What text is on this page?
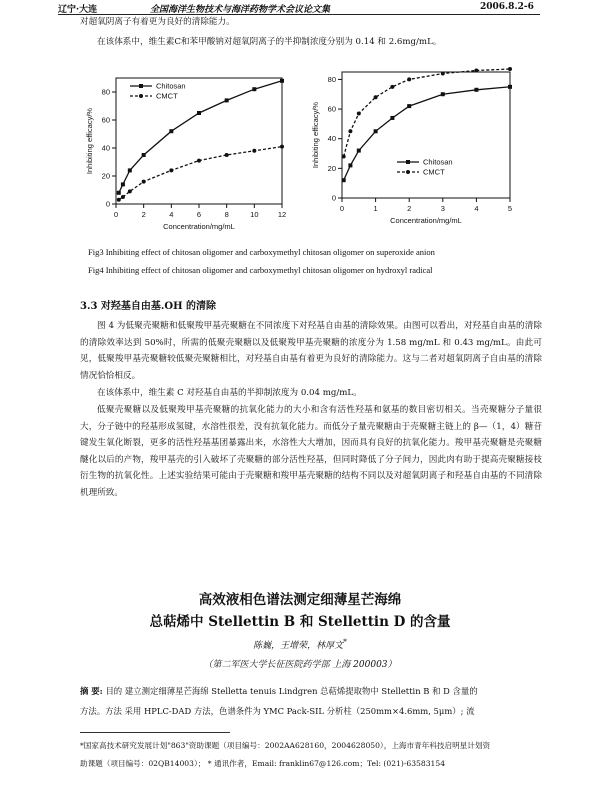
辽宁·大连	全国海洋生物技术与海洋药物学术会议论文集	2006.8.2-6
对超氧阴离子有着更为良好的清除能力。
在该体系中，维生素C和苯甲酸钠对超氧阴离子的半抑制浓度分别为 0.14 和 2.6mg/mL。
0	2	4	6	8	10	12
0
20
40
60
80
Concentration/mg/mL
Inhibiting efficacy/%
Chitosan
CMCT
0	1	2	3	4	5
0
20
40
60
80
Concentration/mg/mL
Inhibiting efficacy/%	Chitosan
CMCT
Fig3 Inhibiting effect of chitosan oligomer and carboxymethyl chitosan oligomer on superoxide anion
Fig4 Inhibiting effect of chitosan oligomer and carboxymethyl chitosan oligomer on hydroxyl radical
3.3 对羟基自由基.OH 的清除
图 4 为低聚壳聚糖和低聚羧甲基壳聚糖在不同浓度下对羟基自由基的清除效果。由图可以看出，对羟基自由基的清除的清除效率达到 50%时，所需的低聚壳聚糖以及低聚羧甲基壳聚糖的浓度分为 1.58 mg/mL 和 0.43 mg/mL。由此可见，低聚羧甲基壳聚糖较低聚壳聚糖相比，对羟基自由基有着更为良好的清除能力。这与二者对超氧阴离子自由基的清除情况恰恰相反。
在该体系中，维生素 C 对羟基自由基的半抑制浓度为 0.04 mg/mL。
低聚壳聚糖以及低聚羧甲基壳聚糖的抗氧化能力的大小和含有活性羟基和氨基的数目密切相关。当壳聚糖分子量很大，分子链中的羟基形成氢键，水溶性很差，没有抗氧化能力。而低分子量壳聚糖由于壳聚糖主链上的 β—（1，4）糖苷键发生氧化断裂，更多的活性羟基基团暴露出来，水溶性大大增加，因而具有良好的抗氧化能力。羧甲基壳聚糖是壳聚糖醚化以后的产物，羧甲基壳的引入破坏了壳聚糖的部分活性羟基，但同时降低了分子间力，因此肉有助于提高壳聚糖接枝衍生物的抗氧化性。上述实验结果可能由于壳聚糖和羧甲基壳聚糖的结构不同以及对超氧阴离子和羟基自由基的不同清除机理所致。
高效液相色谱法测定细薄星芒海绵
总萜烯中 Stellettin B 和 Stellettin D 的含量
陈巍，王增荣，林厚文*
（第二军医大学长征医院药学部 上海 200003）
摘 要: 目的 建立测定细薄星芒海绵 Stelletta tenuis Lindgren 总萜烯提取物中 Stellettin B 和 D 含量的
方法。方法 采用 HPLC-DAD 方法，色谱条件为 YMC Pack-SIL 分析柱（250mm×4.6mm, 5μm）; 流
*国家高技术研究发展计划"863"资助课题（项目编号：2002AA628160，2004628050），上海市青年科技启明星计划资
助课题（项目编号：02QB14003）； * 通讯作者，Email: franklin67@126.com；Tel: (021)-63583154
